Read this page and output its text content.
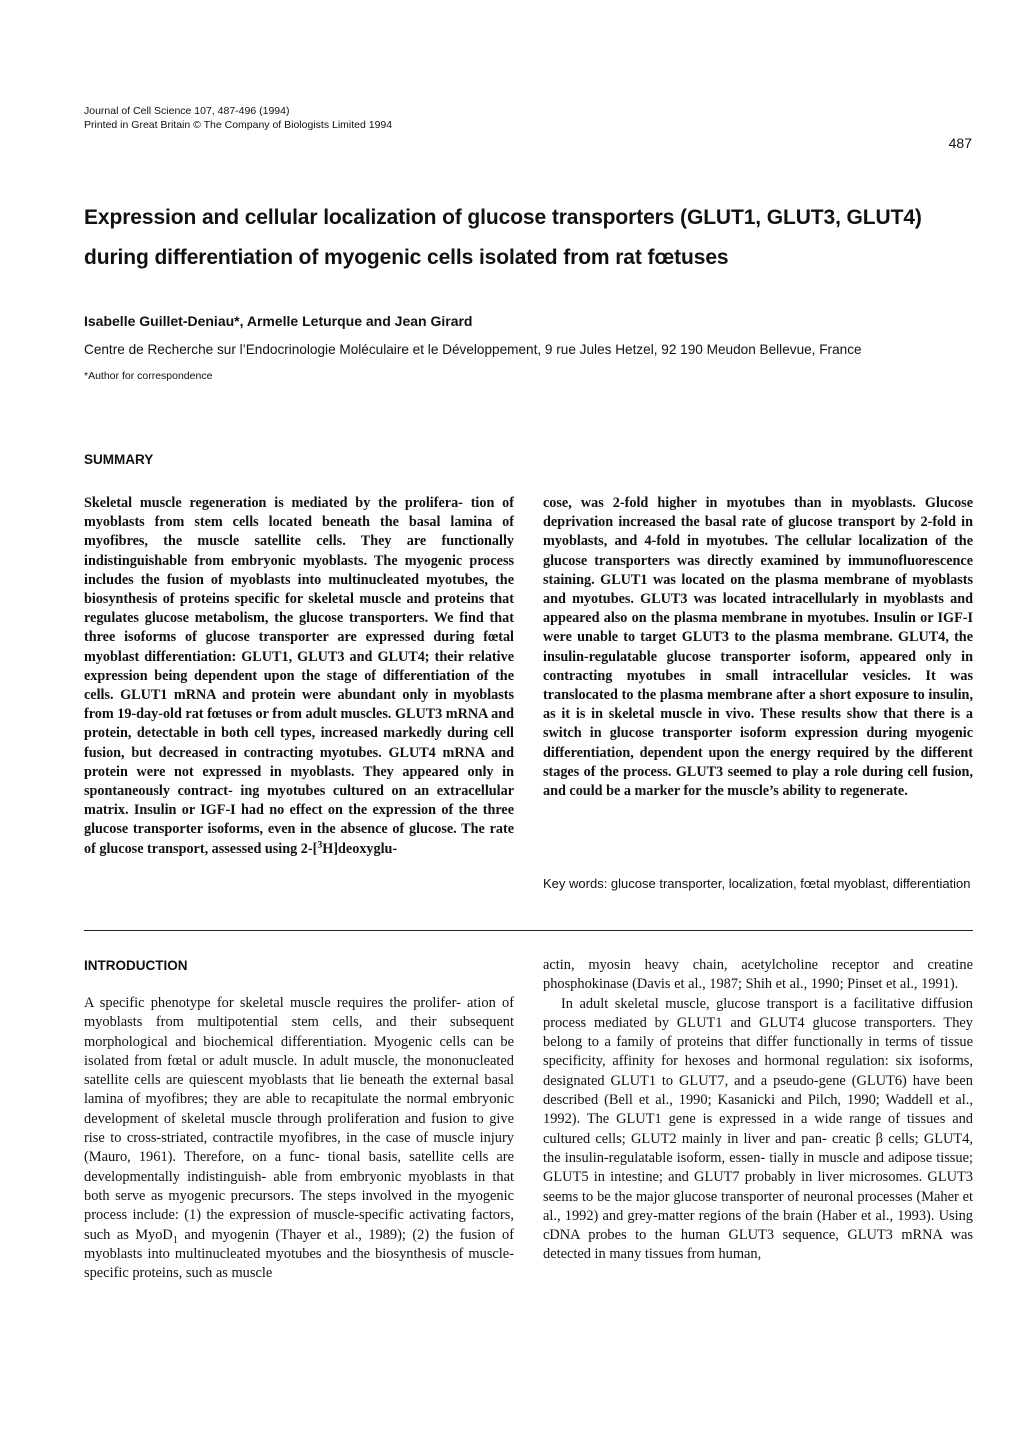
Journal of Cell Science 107, 487-496 (1994)
Printed in Great Britain © The Company of Biologists Limited 1994
487
Expression and cellular localization of glucose transporters (GLUT1, GLUT3, GLUT4) during differentiation of myogenic cells isolated from rat fœtuses
Isabelle Guillet-Deniau*, Armelle Leturque and Jean Girard
Centre de Recherche sur l’Endocrinologie Moléculaire et le Développement, 9 rue Jules Hetzel, 92 190 Meudon Bellevue, France
*Author for correspondence
SUMMARY

Skeletal muscle regeneration is mediated by the prolifera- tion of myoblasts from stem cells located beneath the basal lamina of myofibres, the muscle satellite cells. They are functionally indistinguishable from embryonic myoblasts. The myogenic process includes the fusion of myoblasts into multinucleated myotubes, the biosynthesis of proteins specific for skeletal muscle and proteins that regulates glucose metabolism, the glucose transporters. We find that three isoforms of glucose transporter are expressed during fœtal myoblast differentiation: GLUT1, GLUT3 and GLUT4; their relative expression being dependent upon the stage of differentiation of the cells. GLUT1 mRNA and protein were abundant only in myoblasts from 19-day-old rat fœtuses or from adult muscles. GLUT3 mRNA and protein, detectable in both cell types, increased markedly during cell fusion, but decreased in contracting myotubes. GLUT4 mRNA and protein were not expressed in myoblasts. They appeared only in spontaneously contract- ing myotubes cultured on an extracellular matrix. Insulin or IGF-I had no effect on the expression of the three glucose transporter isoforms, even in the absence of glucose. The rate of glucose transport, assessed using 2-[$^3$H]deoxyglu-

cose, was 2-fold higher in myotubes than in myoblasts. Glucose deprivation increased the basal rate of glucose transport by 2-fold in myoblasts, and 4-fold in myotubes. The cellular localization of the glucose transporters was directly examined by immunofluorescence staining. GLUT1 was located on the plasma membrane of myoblasts and myotubes. GLUT3 was located intracellularly in myoblasts and appeared also on the plasma membrane in myotubes. Insulin or IGF-I were unable to target GLUT3 to the plasma membrane. GLUT4, the insulin-regulatable glucose transporter isoform, appeared only in contracting myotubes in small intracellular vesicles. It was translocated to the plasma membrane after a short exposure to insulin, as it is in skeletal muscle in vivo. These results show that there is a switch in glucose transporter isoform expression during myogenic differentiation, dependent upon the energy required by the different stages of the process. GLUT3 seemed to play a role during cell fusion, and could be a marker for the muscle’s ability to regenerate.

Key words: glucose transporter, localization, fœtal myoblast, differentiation
INTRODUCTION

A specific phenotype for skeletal muscle requires the prolifer- ation of myoblasts from multipotential stem cells, and their subsequent morphological and biochemical differentiation. Myogenic cells can be isolated from fœtal or adult muscle. In adult muscle, the mononucleated satellite cells are quiescent myoblasts that lie beneath the external basal lamina of myofibres; they are able to recapitulate the normal embryonic development of skeletal muscle through proliferation and fusion to give rise to cross-striated, contractile myofibres, in the case of muscle injury (Mauro, 1961). Therefore, on a func- tional basis, satellite cells are developmentally indistinguish- able from embryonic myoblasts in that both serve as myogenic precursors. The steps involved in the myogenic process include: (1) the expression of muscle-specific activating factors, such as MyoD$_1$ and myogenin (Thayer et al., 1989); (2) the fusion of myoblasts into multinucleated myotubes and the biosynthesis of muscle-specific proteins, such as muscle

actin, myosin heavy chain, acetylcholine receptor and creatine phosphokinase (Davis et al., 1987; Shih et al., 1990; Pinset et al., 1991).

In adult skeletal muscle, glucose transport is a facilitative diffusion process mediated by GLUT1 and GLUT4 glucose transporters. They belong to a family of proteins that differ functionally in terms of tissue specificity, affinity for hexoses and hormonal regulation: six isoforms, designated GLUT1 to GLUT7, and a pseudo-gene (GLUT6) have been described (Bell et al., 1990; Kasanicki and Pilch, 1990; Waddell et al., 1992). The GLUT1 gene is expressed in a wide range of tissues and cultured cells; GLUT2 mainly in liver and pan- creatic β cells; GLUT4, the insulin-regulatable isoform, essen- tially in muscle and adipose tissue; GLUT5 in intestine; and GLUT7 probably in liver microsomes. GLUT3 seems to be the major glucose transporter of neuronal processes (Maher et al., 1992) and grey-matter regions of the brain (Haber et al., 1993). Using cDNA probes to the human GLUT3 sequence, GLUT3 mRNA was detected in many tissues from human,
